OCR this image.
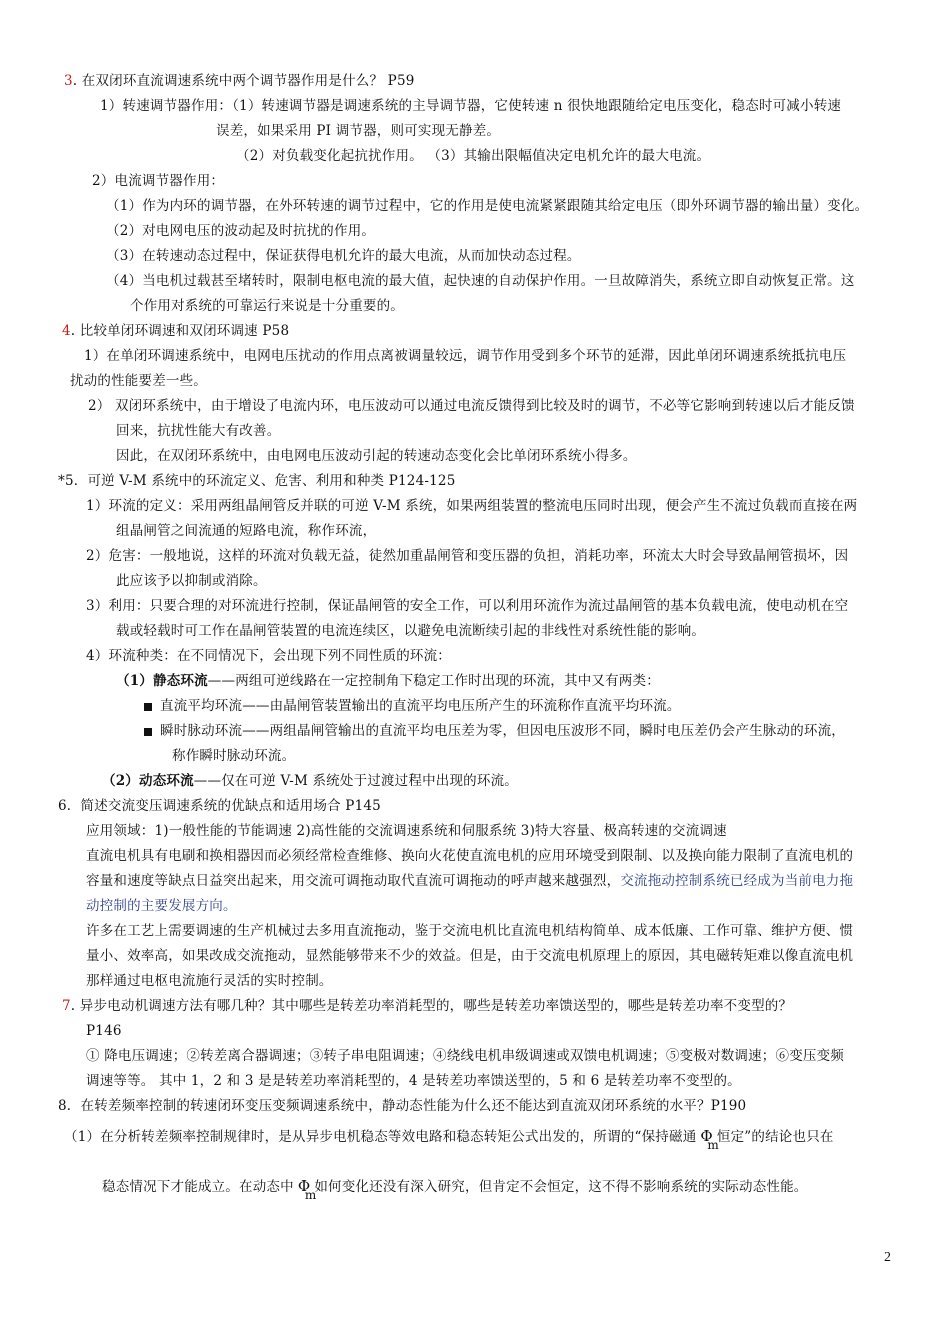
3. 在双闭环直流调速系统中两个调节器作用是什么？ P59
1）转速调节器作用：（1）转速调节器是调速系统的主导调节器，它使转速 n 很快地跟随给定电压变化，稳态时可减小转速
误差，如果采用 PI 调节器，则可实现无静差。
（2）对负载变化起抗扰作用。 （3）其输出限幅值决定电机允许的最大电流。
2）电流调节器作用：
（1）作为内环的调节器，在外环转速的调节过程中，它的作用是使电流紧紧跟随其给定电压（即外环调节器的输出量）变化。
（2）对电网电压的波动起及时抗扰的作用。
（3）在转速动态过程中，保证获得电机允许的最大电流，从而加快动态过程。
（4）当电机过载甚至堵转时，限制电枢电流的最大值，起快速的自动保护作用。一旦故障消失，系统立即自动恢复正常。这
个作用对系统的可靠运行来说是十分重要的。
4. 比较单闭环调速和双闭环调速 P58
1）在单闭环调速系统中，电网电压扰动的作用点离被调量较远，调节作用受到多个环节的延滞，因此单闭环调速系统抵抗电压
扰动的性能要差一些。
2） 双闭环系统中，由于增设了电流内环，电压波动可以通过电流反馈得到比较及时的调节，不必等它影响到转速以后才能反馈
回来，抗扰性能大有改善。
因此，在双闭环系统中，由电网电压波动引起的转速动态变化会比单闭环系统小得多。
*5．可逆 V-M 系统中的环流定义、危害、利用和种类 P124-125
1）环流的定义：采用两组晶闸管反并联的可逆 V-M 系统，如果两组装置的整流电压同时出现，便会产生不流过负载而直接在两
组晶闸管之间流通的短路电流，称作环流，
2）危害：一般地说，这样的环流对负载无益，徒然加重晶闸管和变压器的负担，消耗功率，环流太大时会导致晶闸管损坏，因
此应该予以抑制或消除。
3）利用：只要合理的对环流进行控制，保证晶闸管的安全工作，可以利用环流作为流过晶闸管的基本负载电流，使电动机在空
载或轻载时可工作在晶闸管装置的电流连续区，以避免电流断续引起的非线性对系统性能的影响。
4）环流种类：在不同情况下，会出现下列不同性质的环流：
（1）静态环流——两组可逆线路在一定控制角下稳定工作时出现的环流，其中又有两类：
直流平均环流——由晶闸管装置输出的直流平均电压所产生的环流称作直流平均环流。
瞬时脉动环流——两组晶闸管输出的直流平均电压差为零，但因电压波形不同，瞬时电压差仍会产生脉动的环流，
称作瞬时脉动环流。
（2）动态环流——仅在可逆 V-M 系统处于过渡过程中出现的环流。
6．简述交流变压调速系统的优缺点和适用场合 P145
应用领域：1)一般性能的节能调速 2)高性能的交流调速系统和伺服系统 3)特大容量、极高转速的交流调速
直流电机具有电刷和换相器因而必须经常检查维修、换向火花使直流电机的应用环境受到限制、以及换向能力限制了直流电机的
容量和速度等缺点日益突出起来，用交流可调拖动取代直流可调拖动的呼声越来越强烈，交流拖动控制系统已经成为当前电力拖
动控制的主要发展方向。
许多在工艺上需要调速的生产机械过去多用直流拖动，鉴于交流电机比直流电机结构简单、成本低廉、工作可靠、维护方便、惯
量小、效率高，如果改成交流拖动，显然能够带来不少的效益。但是，由于交流电机原理上的原因，其电磁转矩难以像直流电机
那样通过电枢电流施行灵活的实时控制。
7. 异步电动机调速方法有哪几种？其中哪些是转差功率消耗型的，哪些是转差功率馈送型的，哪些是转差功率不变型的？
P146
① 降电压调速；②转差离合器调速；③转子串电阻调速；④绕线电机串级调速或双馈电机调速；⑤变极对数调速；⑥变压变频
调速等等。 其中 1，2 和 3 是是转差功率消耗型的，4 是转差功率馈送型的，5 和 6 是转差功率不变型的。
8．在转差频率控制的转速闭环变压变频调速系统中，静动态性能为什么还不能达到直流双闭环系统的水平？P190
（1）在分析转差频率控制规律时，是从异步电机稳态等效电路和稳态转矩公式出发的，所谓的“保持磁通 Φ
m
恒定”的结论也只在
稳态情况下才能成立。在动态中 Φ
m
如何变化还没有深入研究，但肯定不会恒定，这不得不影响系统的实际动态性能。
2
